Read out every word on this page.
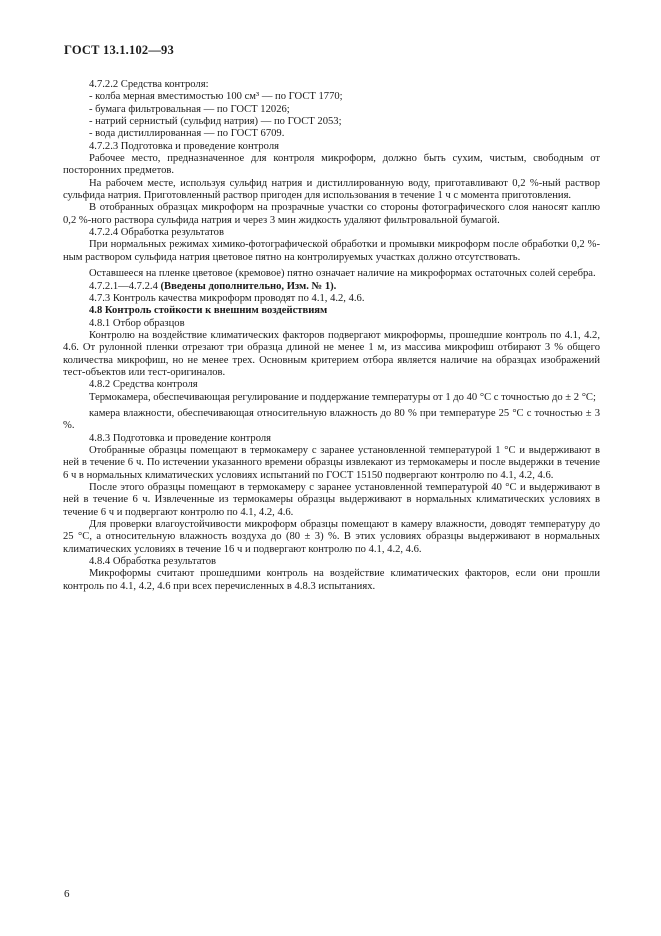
ГОСТ 13.1.102—93

4.7.2.2 Средства контроля:

- колба мерная вместимостью 100 см³ — по ГОСТ 1770;

- бумага фильтровальная — по ГОСТ 12026;

- натрий сернистый (сульфид натрия) — по ГОСТ 2053;

- вода дистиллированная — по ГОСТ 6709.

4.7.2.3 Подготовка и проведение контроля

Рабочее место, предназначенное для контроля микроформ, должно быть сухим, чистым, свободным от посторонних предметов.

На рабочем месте, используя сульфид натрия и дистиллированную воду, приготавливают 0,2 %-ный раствор сульфида натрия. Приготовленный раствор пригоден для использования в течение 1 ч с момента приготовления.

В отобранных образцах микроформ на прозрачные участки со стороны фотографического слоя наносят каплю 0,2 %-ного раствора сульфида натрия и через 3 мин жидкость удаляют фильтровальной бумагой.

4.7.2.4 Обработка результатов

При нормальных режимах химико-фотографической обработки и промывки микроформ после обработки 0,2 %-ным раствором сульфида натрия цветовое пятно на контролируемых участках должно отсутствовать.

Оставшееся на пленке цветовое (кремовое) пятно означает наличие на микроформах остаточных солей серебра.

4.7.2.1—4.7.2.4 (Введены дополнительно, Изм. № 1).

4.7.3 Контроль качества микроформ проводят по 4.1, 4.2, 4.6.

4.8 Контроль стойкости к внешним воздействиям

4.8.1 Отбор образцов

Контролю на воздействие климатических факторов подвергают микроформы, прошедшие контроль по 4.1, 4.2, 4.6. От рулонной пленки отрезают три образца длиной не менее 1 м, из массива микрофиш отбирают 3 % общего количества микрофиш, но не менее трех. Основным критерием отбора является наличие на образцах изображений тест-объектов или тест-оригиналов.

4.8.2 Средства контроля

Термокамера, обеспечивающая регулирование и поддержание температуры от 1 до 40 °С с точностью до ± 2 °С;

камера влажности, обеспечивающая относительную влажность до 80 % при температуре 25 °С с точностью ± 3 %.

4.8.3 Подготовка и проведение контроля

Отобранные образцы помещают в термокамеру с заранее установленной температурой 1 °С и выдерживают в ней в течение 6 ч. По истечении указанного времени образцы извлекают из термокамеры и после выдержки в течение 6 ч в нормальных климатических условиях испытаний по ГОСТ 15150 подвергают контролю по 4.1, 4.2, 4.6.

После этого образцы помещают в термокамеру с заранее установленной температурой 40 °С и выдерживают в ней в течение 6 ч. Извлеченные из термокамеры образцы выдерживают в нормальных климатических условиях в течение 6 ч и подвергают контролю по 4.1, 4.2, 4.6.

Для проверки влагоустойчивости микроформ образцы помещают в камеру влажности, доводят температуру до 25 °С, а относительную влажность воздуха до (80 ± 3) %. В этих условиях образцы выдерживают в нормальных климатических условиях в течение 16 ч и подвергают контролю по 4.1, 4.2, 4.6.

4.8.4 Обработка результатов

Микроформы считают прошедшими контроль на воздействие климатических факторов, если они прошли контроль по 4.1, 4.2, 4.6 при всех перечисленных в 4.8.3 испытаниях.

6
